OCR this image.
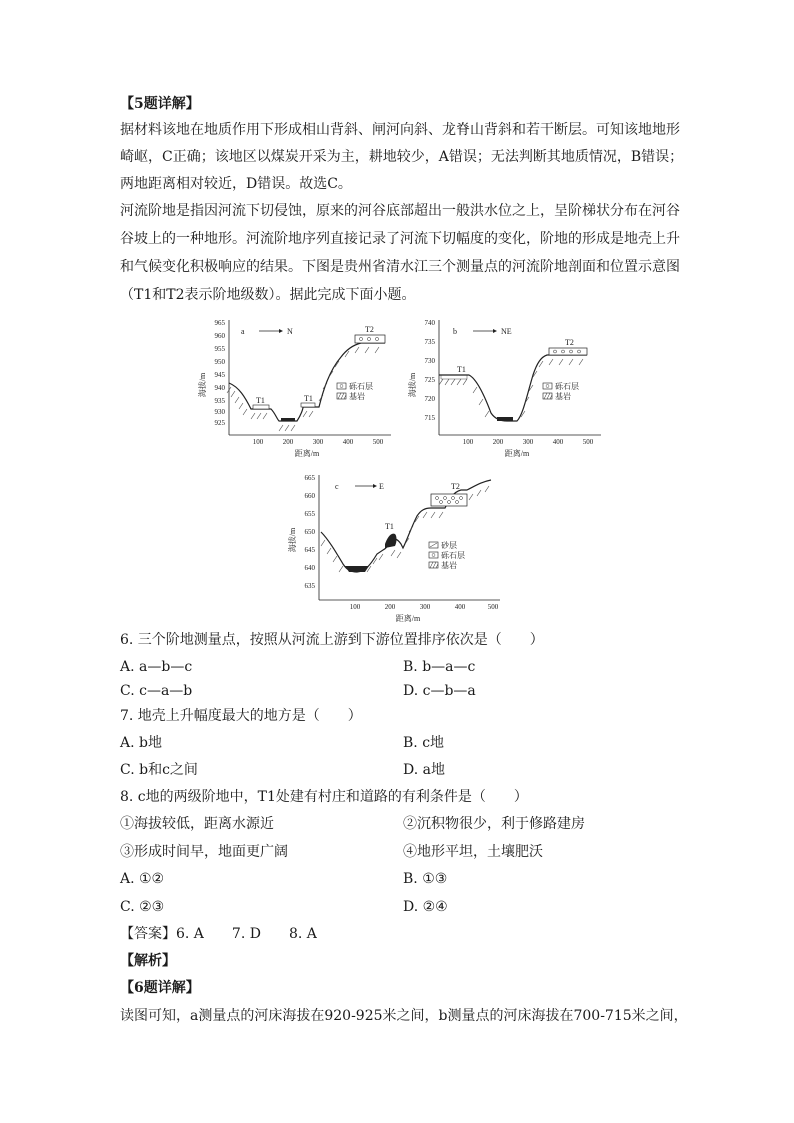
【5题详解】
据材料该地在地质作用下形成相山背斜、闸河向斜、龙脊山背斜和若干断层。可知该地地形
崎岖，C正确；该地区以煤炭开采为主，耕地较少，A错误；无法判断其地质情况，B错误；
两地距离相对较近，D错误。故选C。
河流阶地是指因河流下切侵蚀，原来的河谷底部超出一般洪水位之上，呈阶梯状分布在河谷
谷坡上的一种地形。河流阶地序列直接记录了河流下切幅度的变化，阶地的形成是地壳上升
和气候变化积极响应的结果。下图是贵州省清水江三个测量点的河流阶地剖面和位置示意图
（T1和T2表示阶地级数）。据此完成下面小题。
965
960
955
950
945
940
935
930
925
100	200	300	400	500
海拔/m
距离/m
a	N
T1	T1
T2
砾石层
基岩
740
735
730
725
720
715
100	200	300	400	500
海拔/m
距离/m
b	NE
T1
T2
砾石层
基岩
665
660
655
650
645
640
635
100	200	300	400	500
海拔/m
距离/m
c	E
T1
T2
砂层
砾石层
基岩
6. 三个阶地测量点，按照从河流上游到下游位置排序依次是（　　）
A. a—b—c	B. b—a—c
C. c—a—b	D. c—b—a
7. 地壳上升幅度最大的地方是（　　）
A. b地	B. c地
C. b和c之间	D. a地
8. c地的两级阶地中，T1处建有村庄和道路的有利条件是（　　）
①海拔较低，距离水源近	②沉积物很少，利于修路建房
③形成时间早，地面更广阔	④地形平坦，土壤肥沃
A. ①②	B. ①③
C. ②③	D. ②④
【答案】6. A　　7. D　　8. A
【解析】
【6题详解】
读图可知，a测量点的河床海拔在920-925米之间，b测量点的河床海拔在700-715米之间，
